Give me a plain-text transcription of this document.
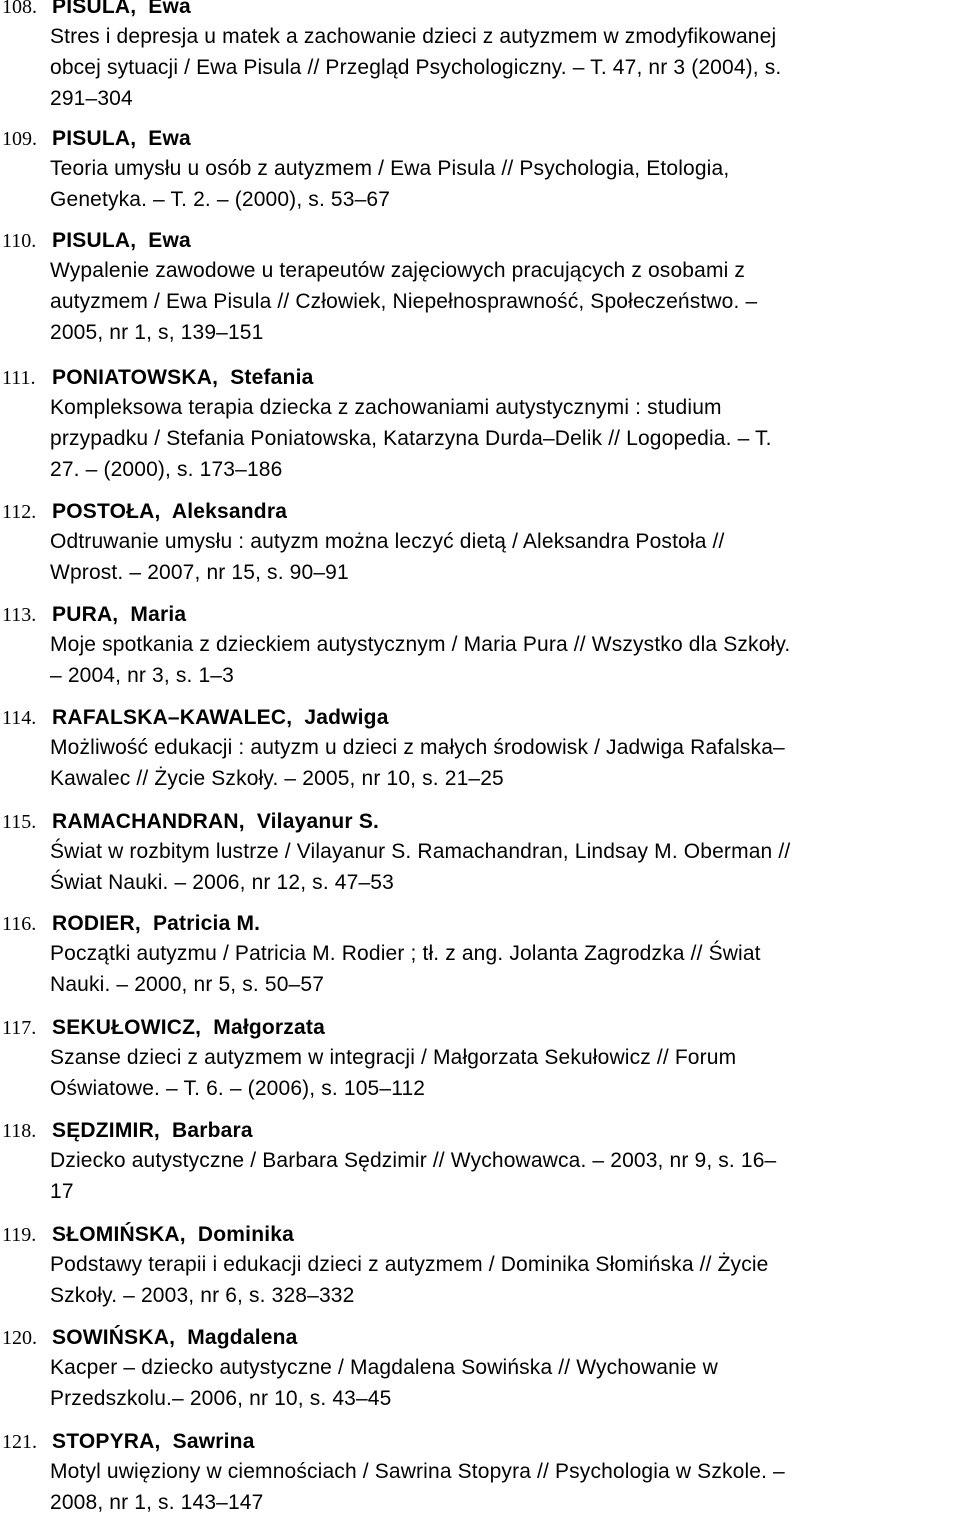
108. PISULA,  Ewa
Stres i depresja u matek a zachowanie dzieci z autyzmem w zmodyfikowanej
obcej sytuacji / Ewa Pisula // Przegląd Psychologiczny. – T. 47, nr 3 (2004), s.
291–304
109. PISULA,  Ewa
Teoria umysłu u osób z autyzmem / Ewa Pisula // Psychologia, Etologia,
Genetyka. – T. 2. – (2000), s. 53–67
110. PISULA,  Ewa
Wypalenie zawodowe u terapeutów zajęciowych pracujących z osobami z
autyzmem / Ewa Pisula // Człowiek, Niepełnosprawność, Społeczeństwo. –
2005, nr 1, s, 139–151
111. PONIATOWSKA,  Stefania
Kompleksowa terapia dziecka z zachowaniami autystycznymi : studium
przypadku / Stefania Poniatowska, Katarzyna Durda–Delik // Logopedia. – T.
27. – (2000), s. 173–186
112. POSTOŁA,  Aleksandra
Odtruwanie umysłu : autyzm można leczyć dietą / Aleksandra Postoła //
Wprost. – 2007, nr 15, s. 90–91
113. PURA,  Maria
Moje spotkania z dzieckiem autystycznym / Maria Pura // Wszystko dla Szkoły.
– 2004, nr 3, s. 1–3
114. RAFALSKA–KAWALEC,  Jadwiga
Możliwość edukacji : autyzm u dzieci z małych środowisk / Jadwiga Rafalska–
Kawalec // Życie Szkoły. – 2005, nr 10, s. 21–25
115. RAMACHANDRAN,  Vilayanur S.
Świat w rozbitym lustrze / Vilayanur S. Ramachandran, Lindsay M. Oberman //
Świat Nauki. – 2006, nr 12, s. 47–53
116. RODIER,  Patricia M.
Początki autyzmu / Patricia M. Rodier ; tł. z ang. Jolanta Zagrodzka // Świat
Nauki. – 2000, nr 5, s. 50–57
117. SEKUŁOWICZ,  Małgorzata
Szanse dzieci z autyzmem w integracji / Małgorzata Sekułowicz // Forum
Oświatowe. – T. 6. – (2006), s. 105–112
118. SĘDZIMIR,  Barbara
Dziecko autystyczne / Barbara Sędzimir // Wychowawca. – 2003, nr 9, s. 16–
17
119. SŁOMIŃSKA,  Dominika
Podstawy terapii i edukacji dzieci z autyzmem / Dominika Słomińska // Życie
Szkoły. – 2003, nr 6, s. 328–332
120. SOWIŃSKA,  Magdalena
Kacper – dziecko autystyczne / Magdalena Sowińska // Wychowanie w
Przedszkolu.– 2006, nr 10, s. 43–45
121. STOPYRA,  Sawrina
Motyl uwięziony w ciemnościach / Sawrina Stopyra // Psychologia w Szkole. –
2008, nr 1, s. 143–147
